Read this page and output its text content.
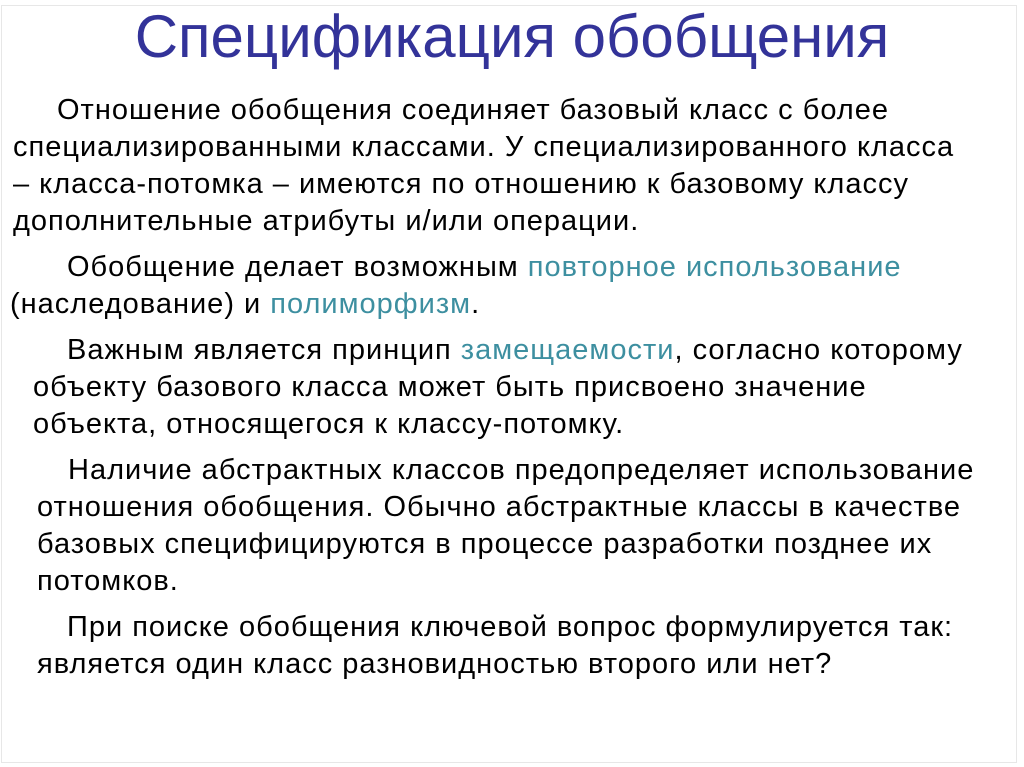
Спецификация обобщения
Отношение обобщения соединяет базовый класс с более
специализированными классами. У специализированного класса
– класса-потомка – имеются по отношению к базовому классу
дополнительные атрибуты и/или операции.
Обобщение делает возможным повторное использование
(наследование) и полиморфизм.
Важным является принцип замещаемости, согласно которому
объекту базового класса может быть присвоено значение
объекта, относящегося к классу-потомку.
Наличие абстрактных классов предопределяет использование
отношения обобщения. Обычно абстрактные классы в качестве
базовых специфицируются в процессе разработки позднее их
потомков.
При поиске обобщения ключевой вопрос формулируется так:
является один класс разновидностью второго или нет?
